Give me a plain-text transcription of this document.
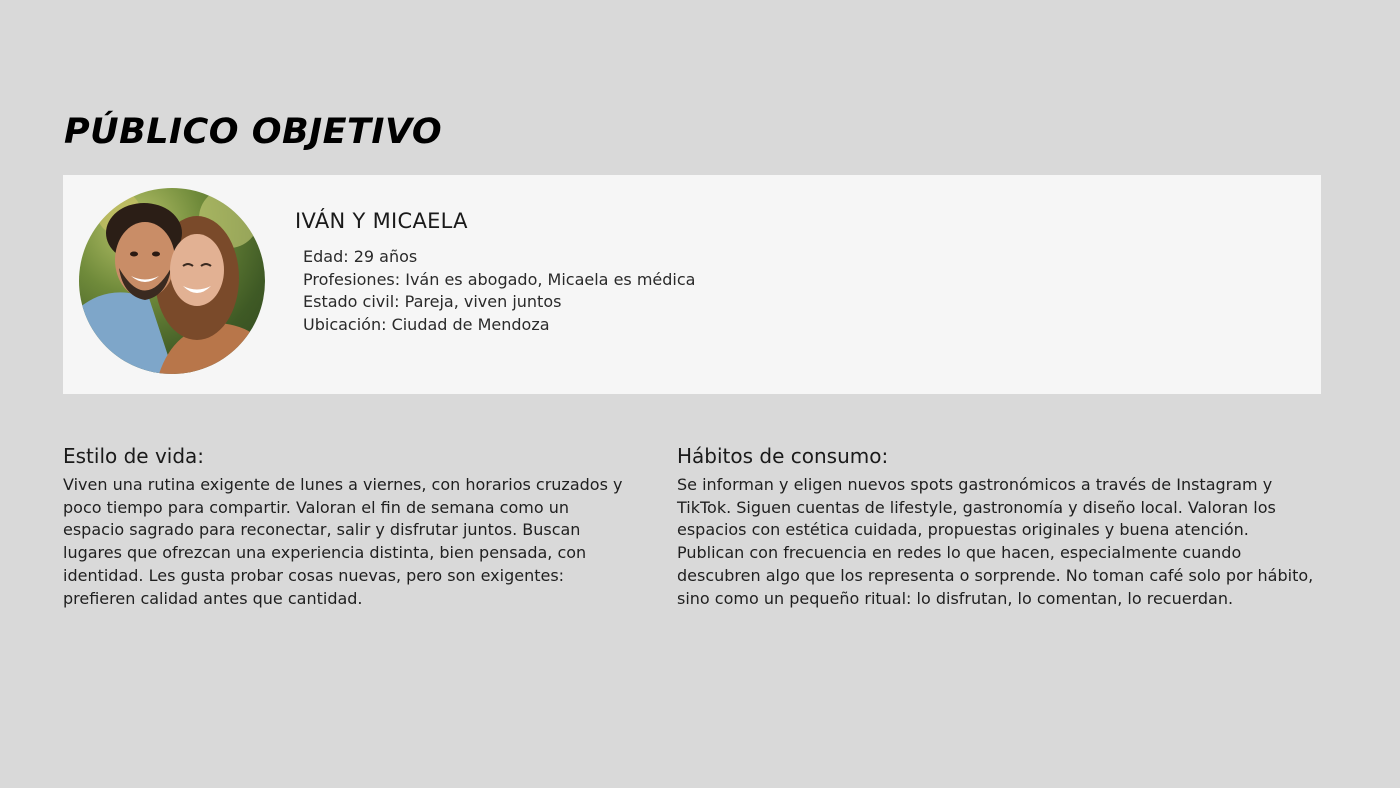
PÚBLICO OBJETIVO
IVÁN Y MICAELA
Edad: 29 años
Profesiones: Iván es abogado, Micaela es médica
Estado civil: Pareja, viven juntos
Ubicación: Ciudad de Mendoza
Estilo de vida:

Viven una rutina exigente de lunes a viernes, con horarios cruzados y poco tiempo para compartir. Valoran el fin de semana como un espacio sagrado para reconectar, salir y disfrutar juntos. Buscan lugares que ofrezcan una experiencia distinta, bien pensada, con identidad. Les gusta probar cosas nuevas, pero son exigentes: prefieren calidad antes que cantidad.

Hábitos de consumo:

Se informan y eligen nuevos spots gastronómicos a través de Instagram y TikTok. Siguen cuentas de lifestyle, gastronomía y diseño local. Valoran los espacios con estética cuidada, propuestas originales y buena atención. Publican con frecuencia en redes lo que hacen, especialmente cuando descubren algo que los representa o sorprende. No toman café solo por hábito, sino como un pequeño ritual: lo disfrutan, lo comentan, lo recuerdan.
